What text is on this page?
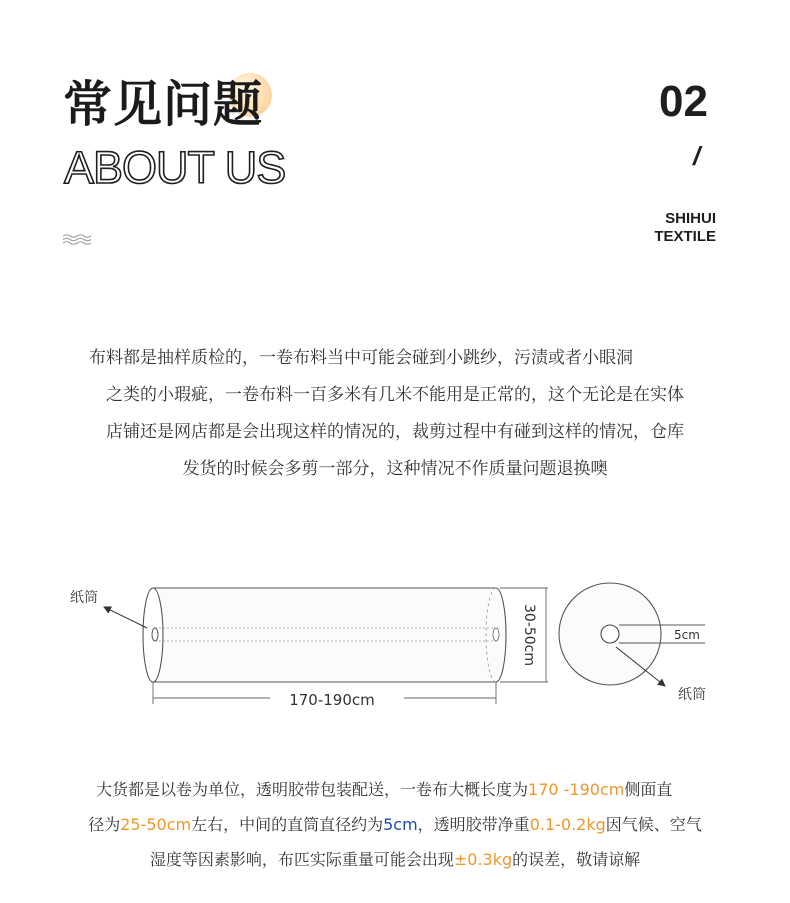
常见问题
ABOUT US
02
/
SHIHUI
TEXTILE
布料都是抽样质检的，一卷布料当中可能会碰到小跳纱，污渍或者小眼洞
之类的小瑕疵，一卷布料一百多米有几米不能用是正常的，这个无论是在实体
店铺还是网店都是会出现这样的情况的，裁剪过程中有碰到这样的情况，仓库
发货的时候会多剪一部分，这种情况不作质量问题退换噢
纸筒
170-190cm
30-50cm	5cm
纸筒
大货都是以卷为单位，透明胶带包装配送，一卷布大概长度为170 -190cm侧面直
径为25-50cm左右，中间的直筒直径约为5cm，透明胶带净重0.1-0.2kg因气候、空气
湿度等因素影响，布匹实际重量可能会出现±0.3kg的误差，敬请谅解
